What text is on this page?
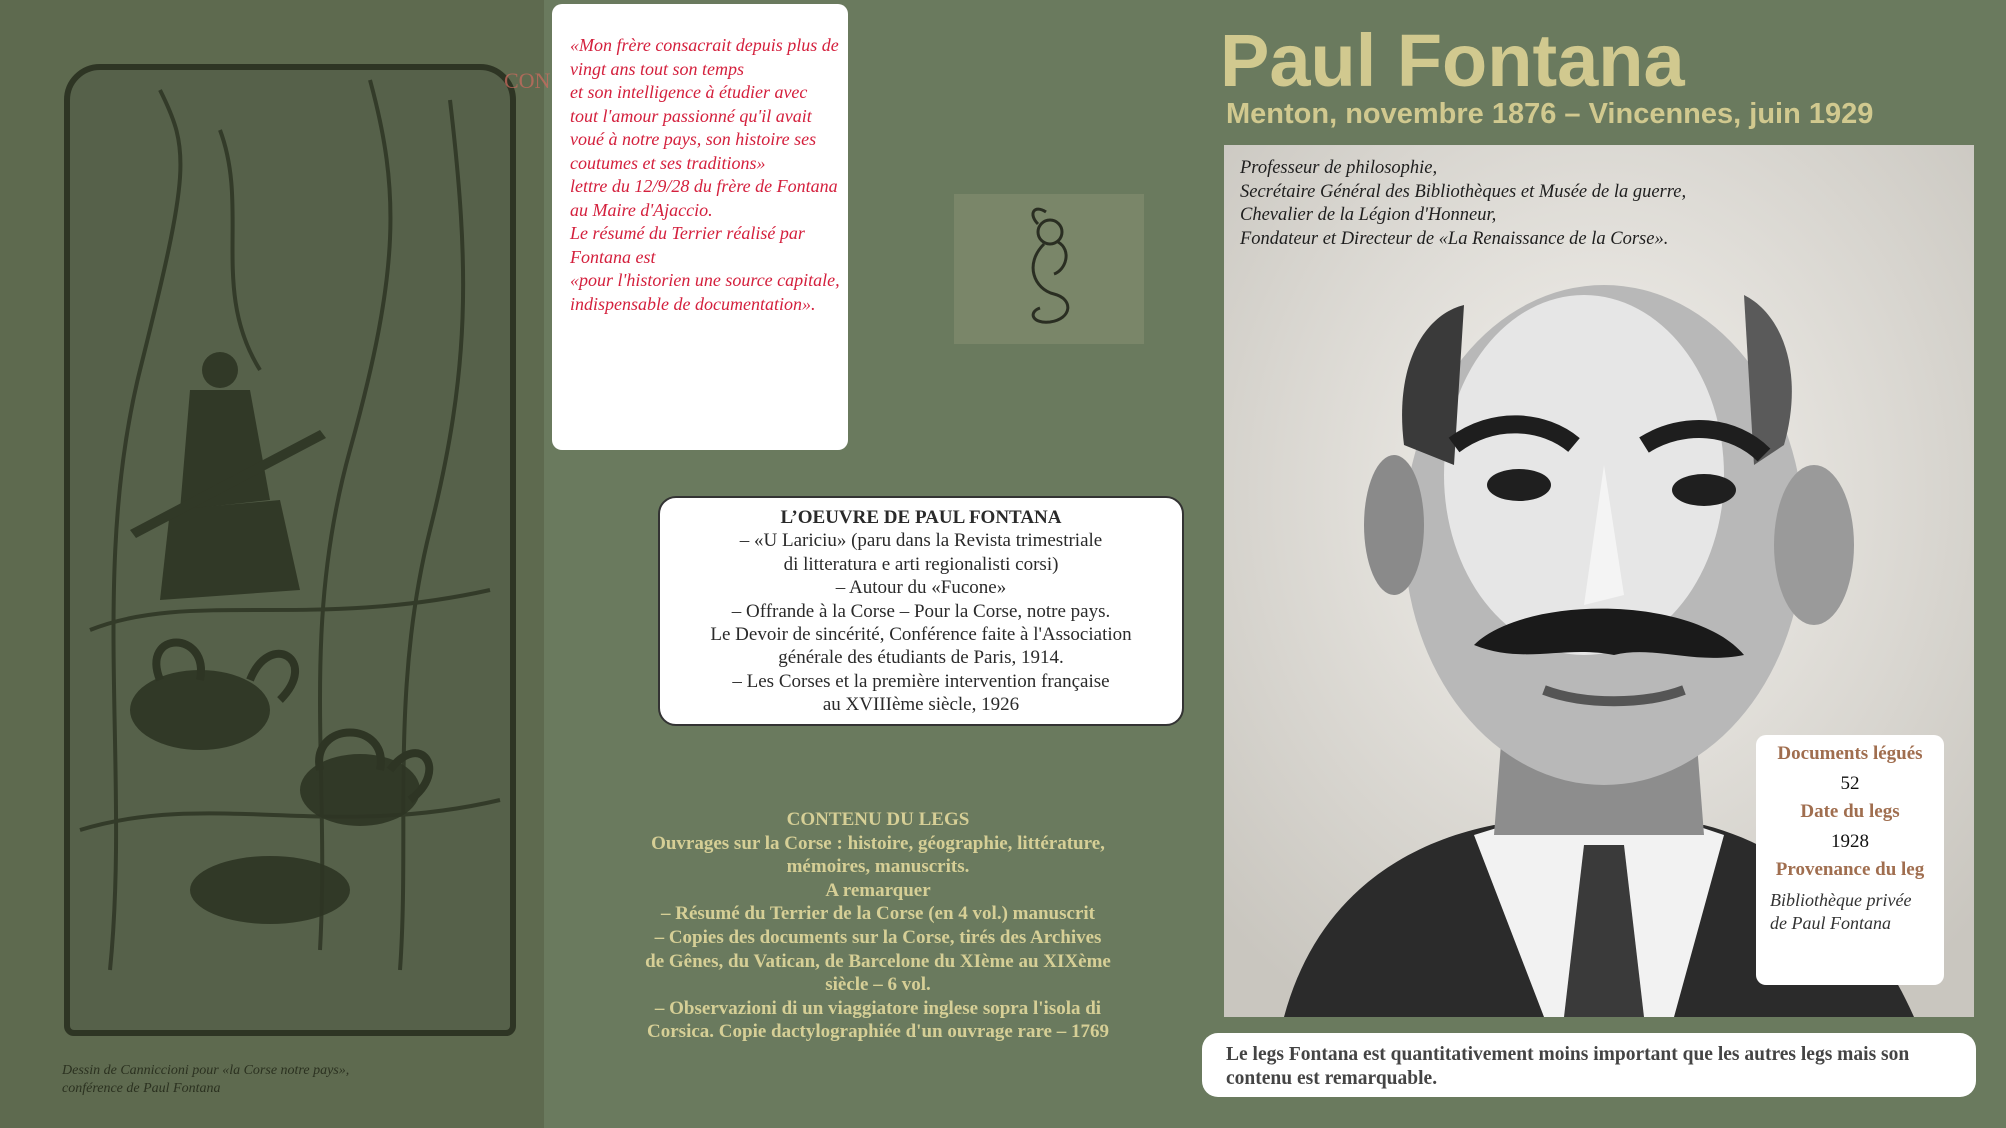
CON
Dessin de Canniccioni pour «la Corse notre pays»,
conférence de Paul Fontana

«Mon frère consacrait depuis plus de vingt ans tout son temps
et son intelligence à étudier avec
tout l'amour passionné qu'il avait voué à notre pays, son histoire ses coutumes et ses traditions»
lettre du 12/9/28 du frère de Fontana au Maire d'Ajaccio.
Le résumé du Terrier réalisé par
Fontana est
«pour l'historien une source capitale, indispensable de documentation».

L’OEUVRE DE PAUL FONTANA

– «U Lariciu» (paru dans la Revista trimestriale

di litteratura e arti regionalisti corsi)

– Autour du «Fucone»

– Offrande à la Corse – Pour la Corse, notre pays.

Le Devoir de sincérité, Conférence faite à l'Association

générale des étudiants de Paris, 1914.

– Les Corses et la première intervention française

au XVIIIème siècle, 1926

CONTENU DU LEGS

Ouvrages sur la Corse : histoire, géographie, littérature,

mémoires, manuscrits.

A remarquer

– Résumé du Terrier de la Corse (en 4 vol.) manuscrit

– Copies des documents sur la Corse, tirés des Archives

de Gênes, du Vatican, de Barcelone du XIème au XIXème

siècle – 6 vol.

– Observazioni di un viaggiatore inglese sopra l'isola di

Corsica. Copie dactylographiée d'un ouvrage rare – 1769

Paul Fontana
Menton, novembre 1876 – Vincennes, juin 1929
Professeur de philosophie,
Secrétaire Général des Bibliothèques et Musée de la guerre,
Chevalier de la Légion d'Honneur,
Fondateur et Directeur de «La Renaissance de la Corse».
Documents légués
52
Date du legs
1928
Provenance du leg
Bibliothèque privée
de Paul Fontana

Le legs Fontana est quantitativement moins important que les autres legs mais son contenu est remarquable.
